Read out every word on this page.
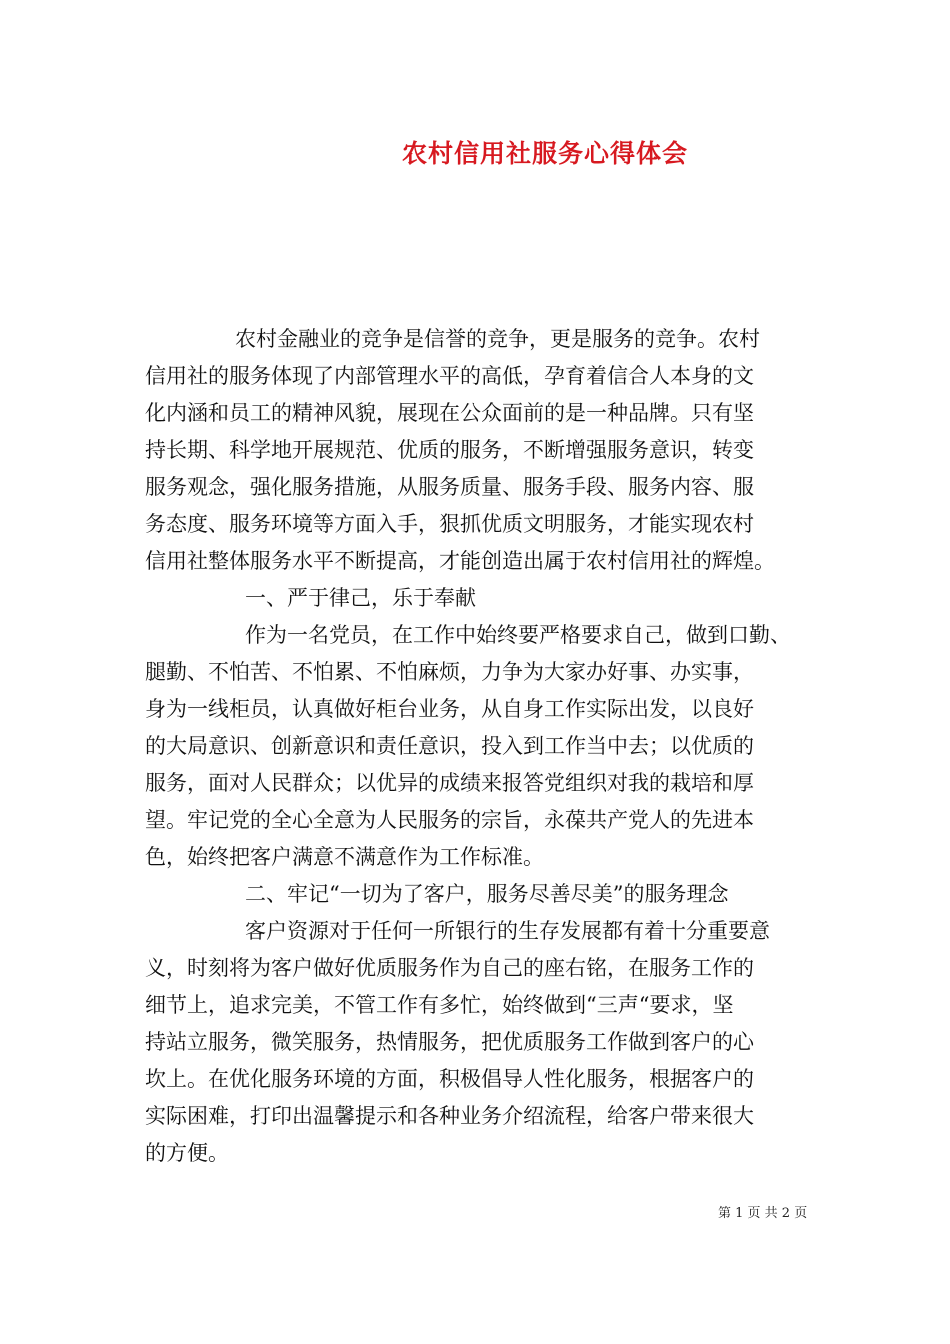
农村信用社服务心得体会
农村金融业的竞争是信誉的竞争，更是服务的竞争。农村
信用社的服务体现了内部管理水平的高低，孕育着信合人本身的文
化内涵和员工的精神风貌，展现在公众面前的是一种品牌。只有坚
持长期、科学地开展规范、优质的服务，不断增强服务意识，转变
服务观念，强化服务措施，从服务质量、服务手段、服务内容、服
务态度、服务环境等方面入手，狠抓优质文明服务，才能实现农村
信用社整体服务水平不断提高，才能创造出属于农村信用社的辉煌。
一、严于律己，乐于奉献
作为一名党员，在工作中始终要严格要求自己，做到口勤、
腿勤、不怕苦、不怕累、不怕麻烦，力争为大家办好事、办实事，
身为一线柜员，认真做好柜台业务，从自身工作实际出发，以良好
的大局意识、创新意识和责任意识，投入到工作当中去；以优质的
服务，面对人民群众；以优异的成绩来报答党组织对我的栽培和厚
望。牢记党的全心全意为人民服务的宗旨，永葆共产党人的先进本
色，始终把客户满意不满意作为工作标准。
二、牢记“一切为了客户，服务尽善尽美”的服务理念
客户资源对于任何一所银行的生存发展都有着十分重要意
义，时刻将为客户做好优质服务作为自己的座右铭，在服务工作的
细节上，追求完美，不管工作有多忙，始终做到“三声“要求，坚
持站立服务，微笑服务，热情服务，把优质服务工作做到客户的心
坎上。在优化服务环境的方面，积极倡导人性化服务，根据客户的
实际困难，打印出温馨提示和各种业务介绍流程，给客户带来很大
的方便。
第 1 页 共 2 页
